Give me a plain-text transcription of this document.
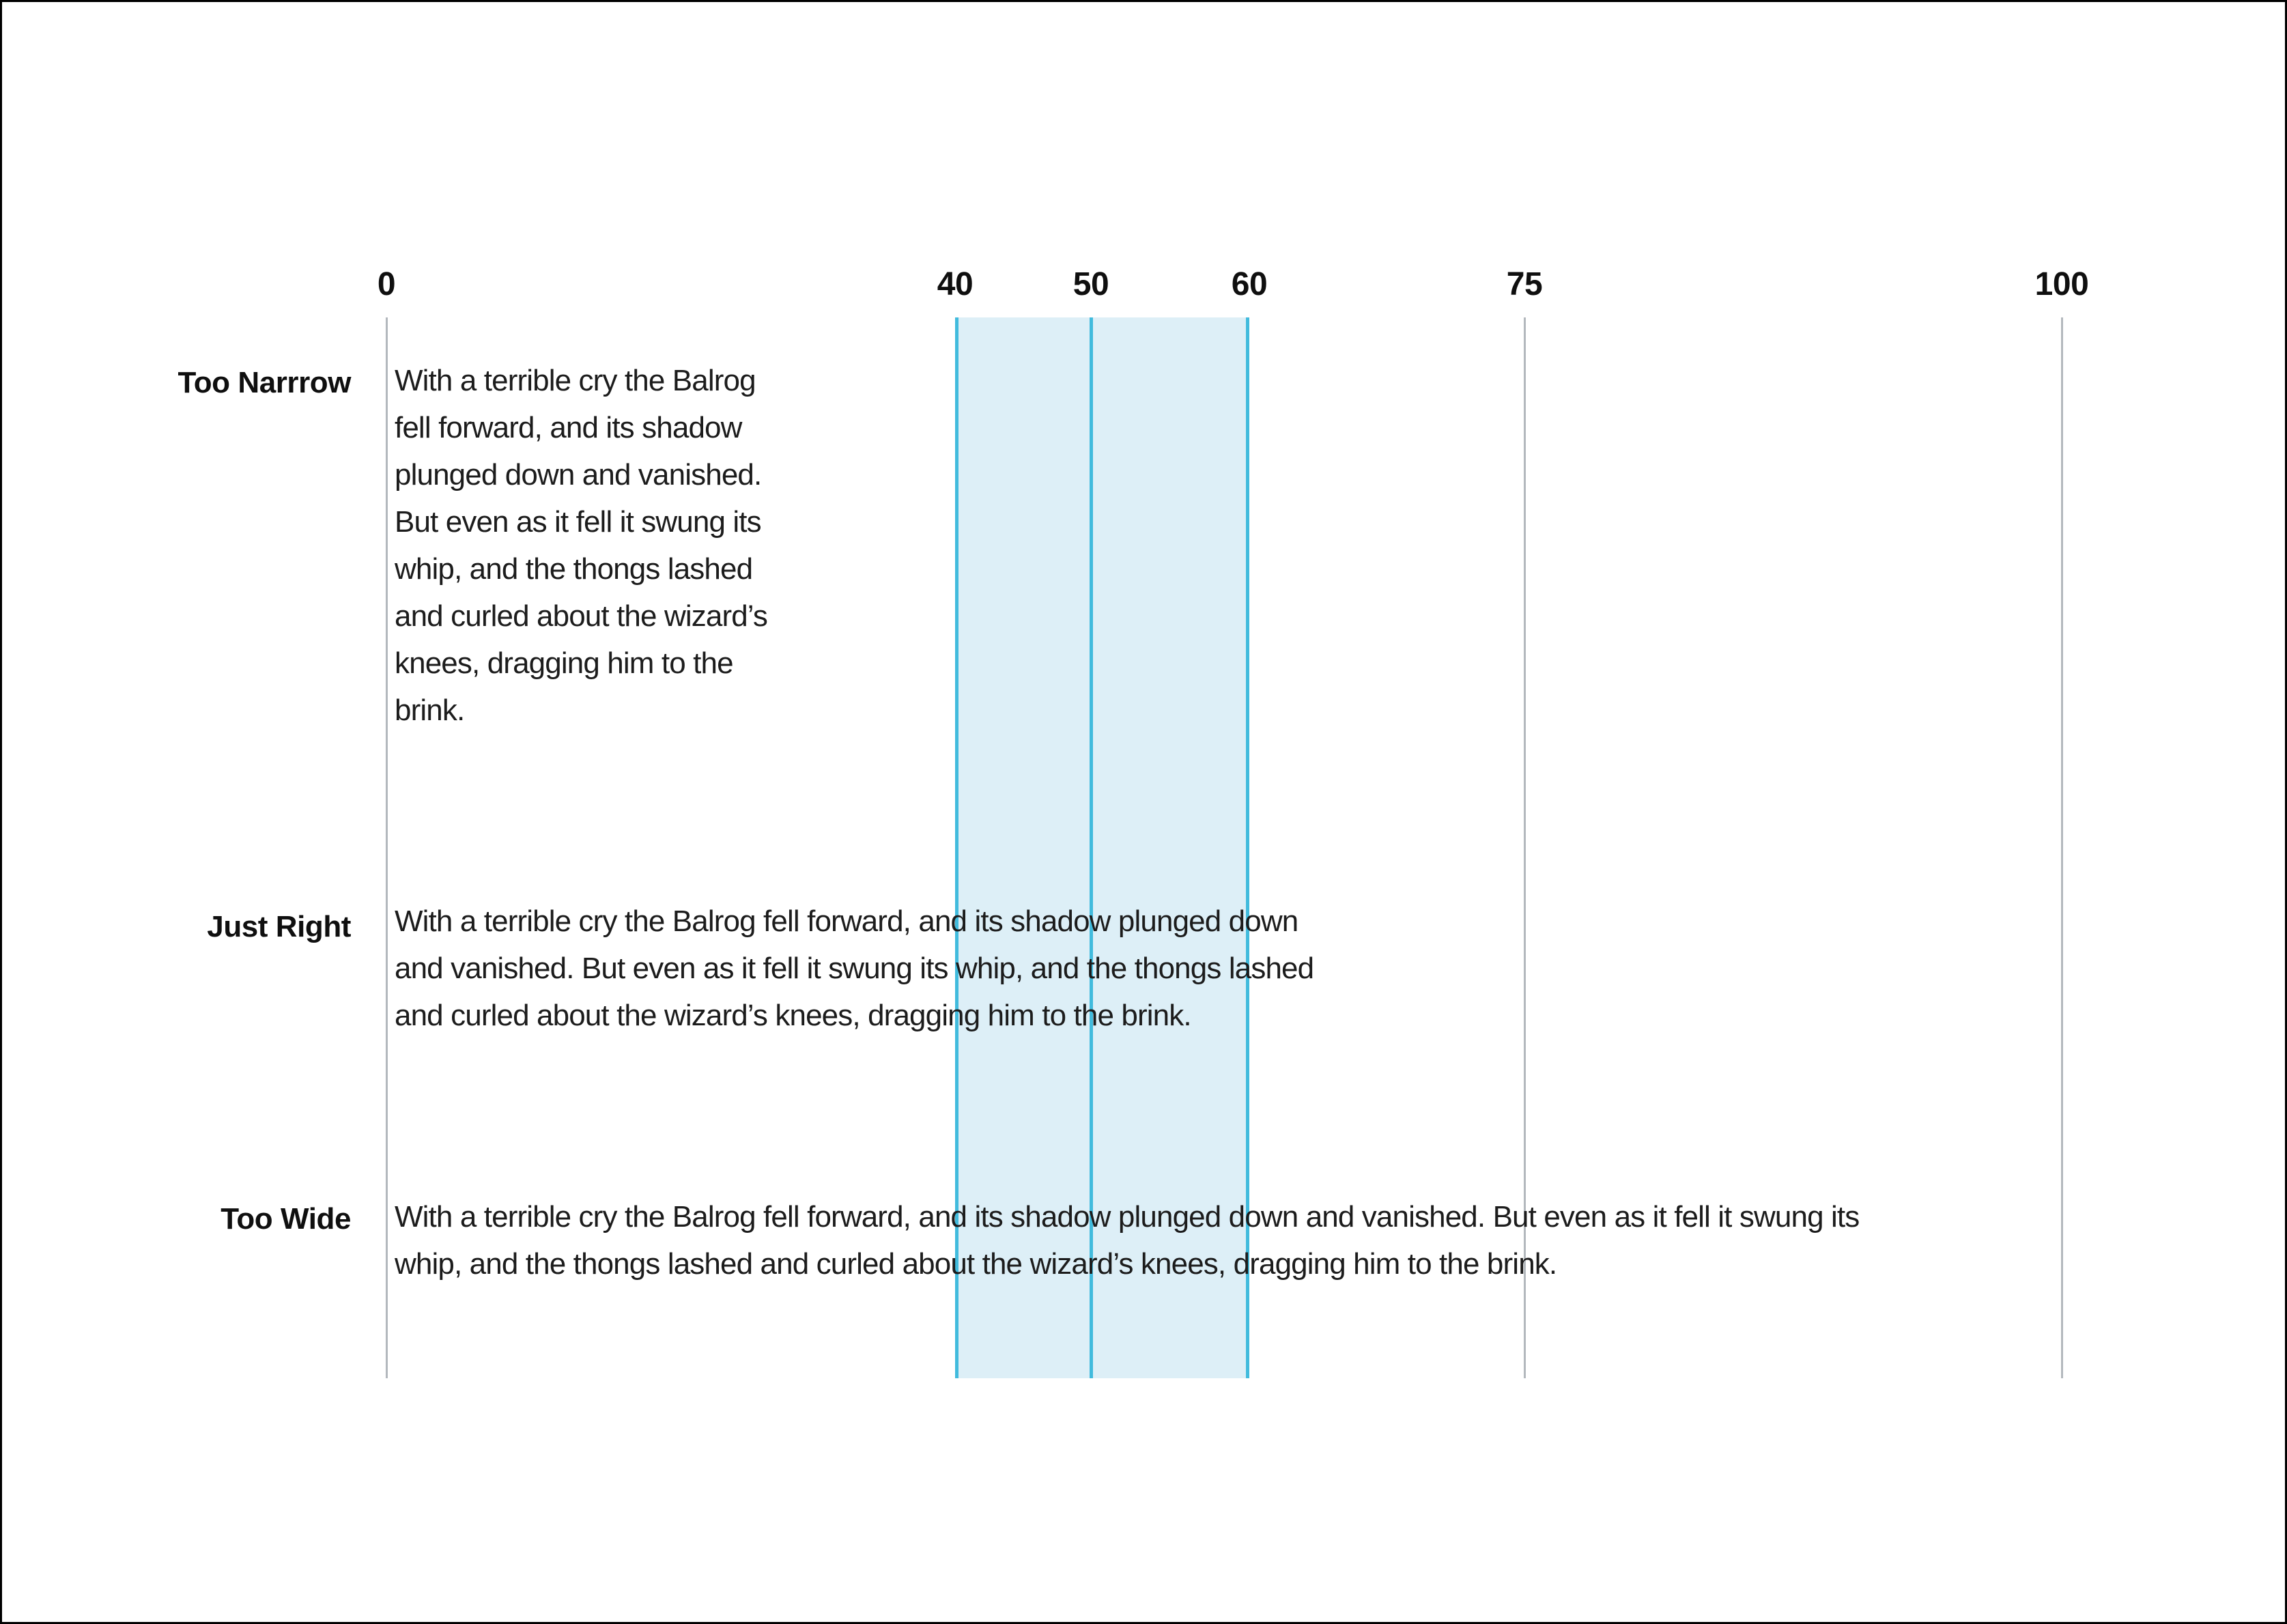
0	40	50	60	75	100
Too Narrrow With a terrible cry the Balrog
fell forward, and its shadow
plunged down and vanished.
But even as it fell it swung its
whip, and the thongs lashed
and curled about the wizard’s
knees, dragging him to the
brink.
Just Right With a terrible cry the Balrog fell forward, and its shadow plunged down
and vanished. But even as it fell it swung its whip, and the thongs lashed
and curled about the wizard’s knees, dragging him to the brink.
Too Wide With a terrible cry the Balrog fell forward, and its shadow plunged down and vanished. But even as it fell it swung its
whip, and the thongs lashed and curled about the wizard’s knees, dragging him to the brink.
